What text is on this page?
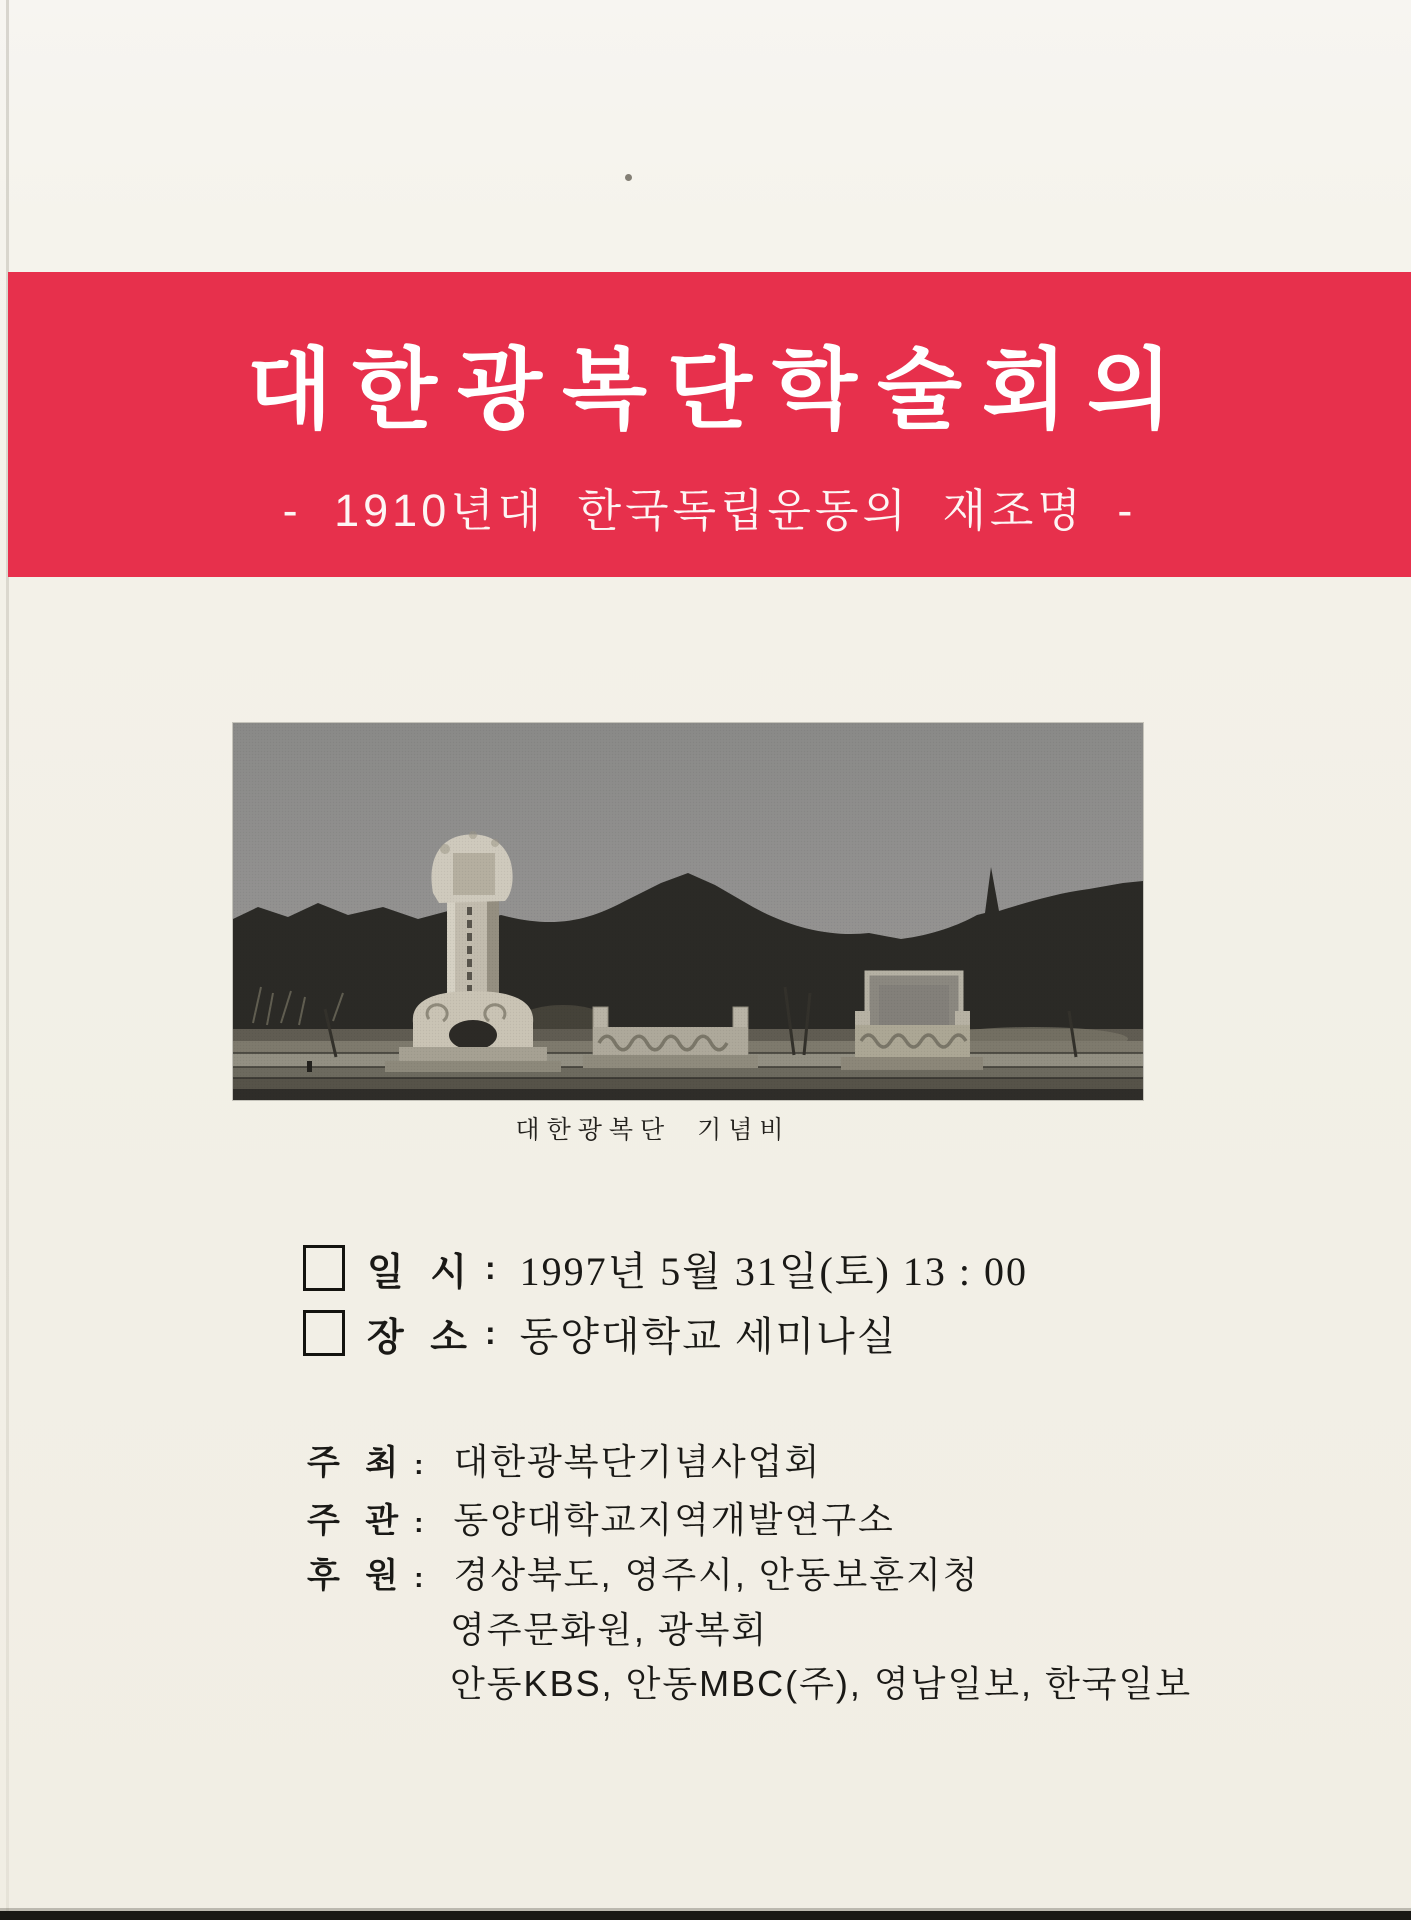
대한광복단학술회의
- 1910년대 한국독립운동의 재조명 -
대한광복단 기념비
일 시 : 1997년 5월 31일(토) 13 : 00
장 소 : 동양대학교 세미나실
주 최 : 대한광복단기념사업회
주 관 : 동양대학교지역개발연구소
후 원 : 경상북도, 영주시, 안동보훈지청
영주문화원, 광복회
안동KBS, 안동MBC(주), 영남일보, 한국일보
